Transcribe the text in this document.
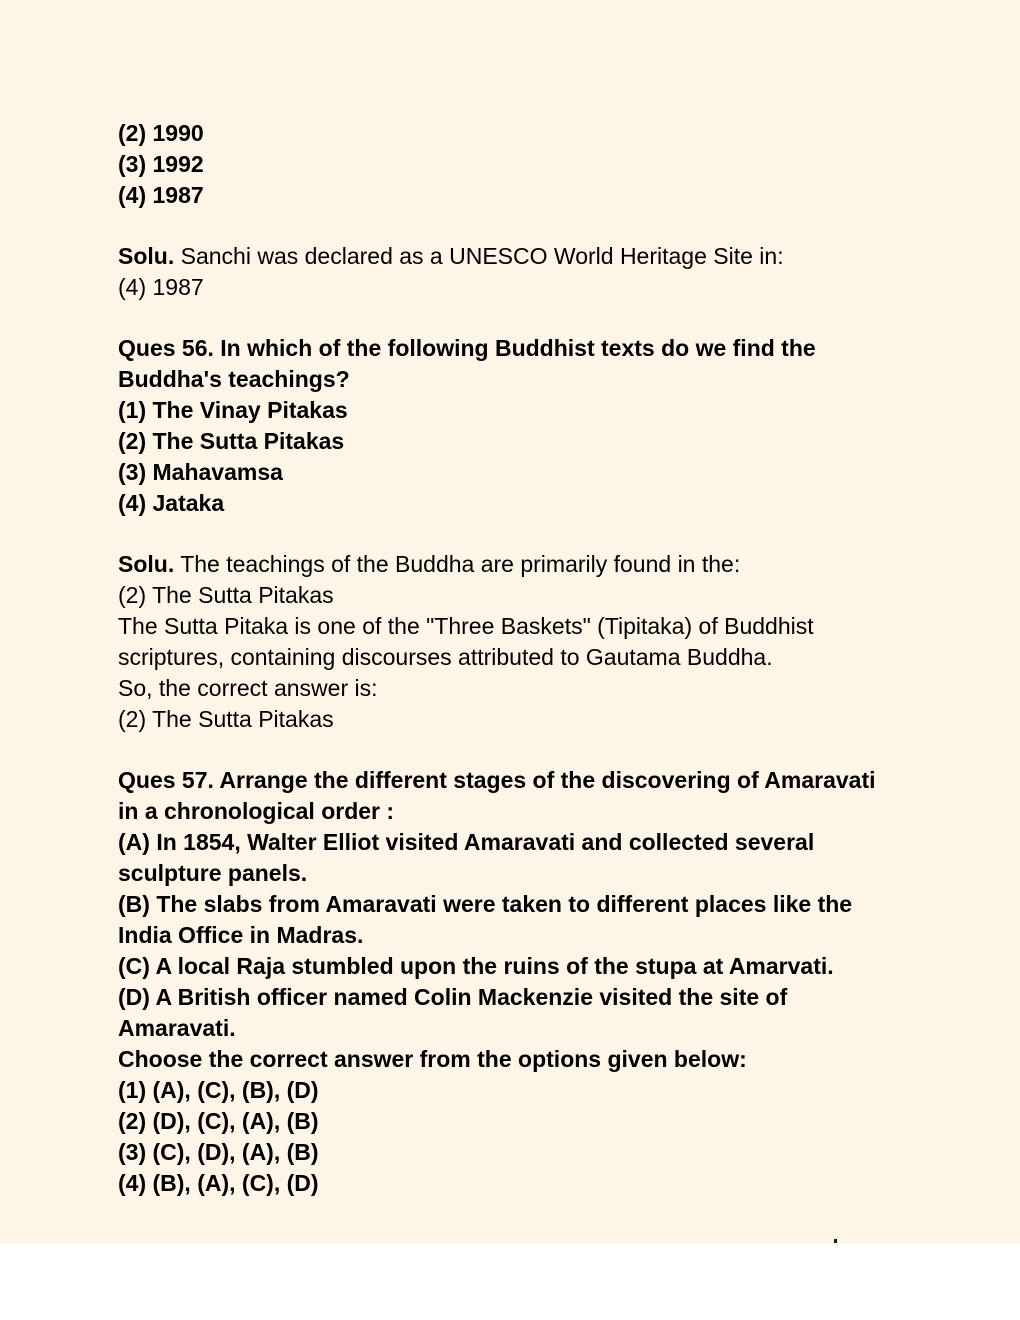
(2) 1990
(3) 1992
(4) 1987
Solu. Sanchi was declared as a UNESCO World Heritage Site in:
(4) 1987
Ques 56. In which of the following Buddhist texts do we find the Buddha's teachings?
(1) The Vinay Pitakas
(2) The Sutta Pitakas
(3) Mahavamsa
(4) Jataka
Solu. The teachings of the Buddha are primarily found in the:
(2) The Sutta Pitakas
The Sutta Pitaka is one of the "Three Baskets" (Tipitaka) of Buddhist scriptures, containing discourses attributed to Gautama Buddha.
So, the correct answer is:
(2) The Sutta Pitakas
Ques 57. Arrange the different stages of the discovering of Amaravati in a chronological order :
(A) In 1854, Walter Elliot visited Amaravati and collected several sculpture panels.
(B) The slabs from Amaravati were taken to different places like the India Office in Madras.
(C) A local Raja stumbled upon the ruins of the stupa at Amarvati.
(D) A British officer named Colin Mackenzie visited the site of Amaravati.
Choose the correct answer from the options given below:
(1) (A), (C), (B), (D)
(2) (D), (C), (A), (B)
(3) (C), (D), (A), (B)
(4) (B), (A), (C), (D)
